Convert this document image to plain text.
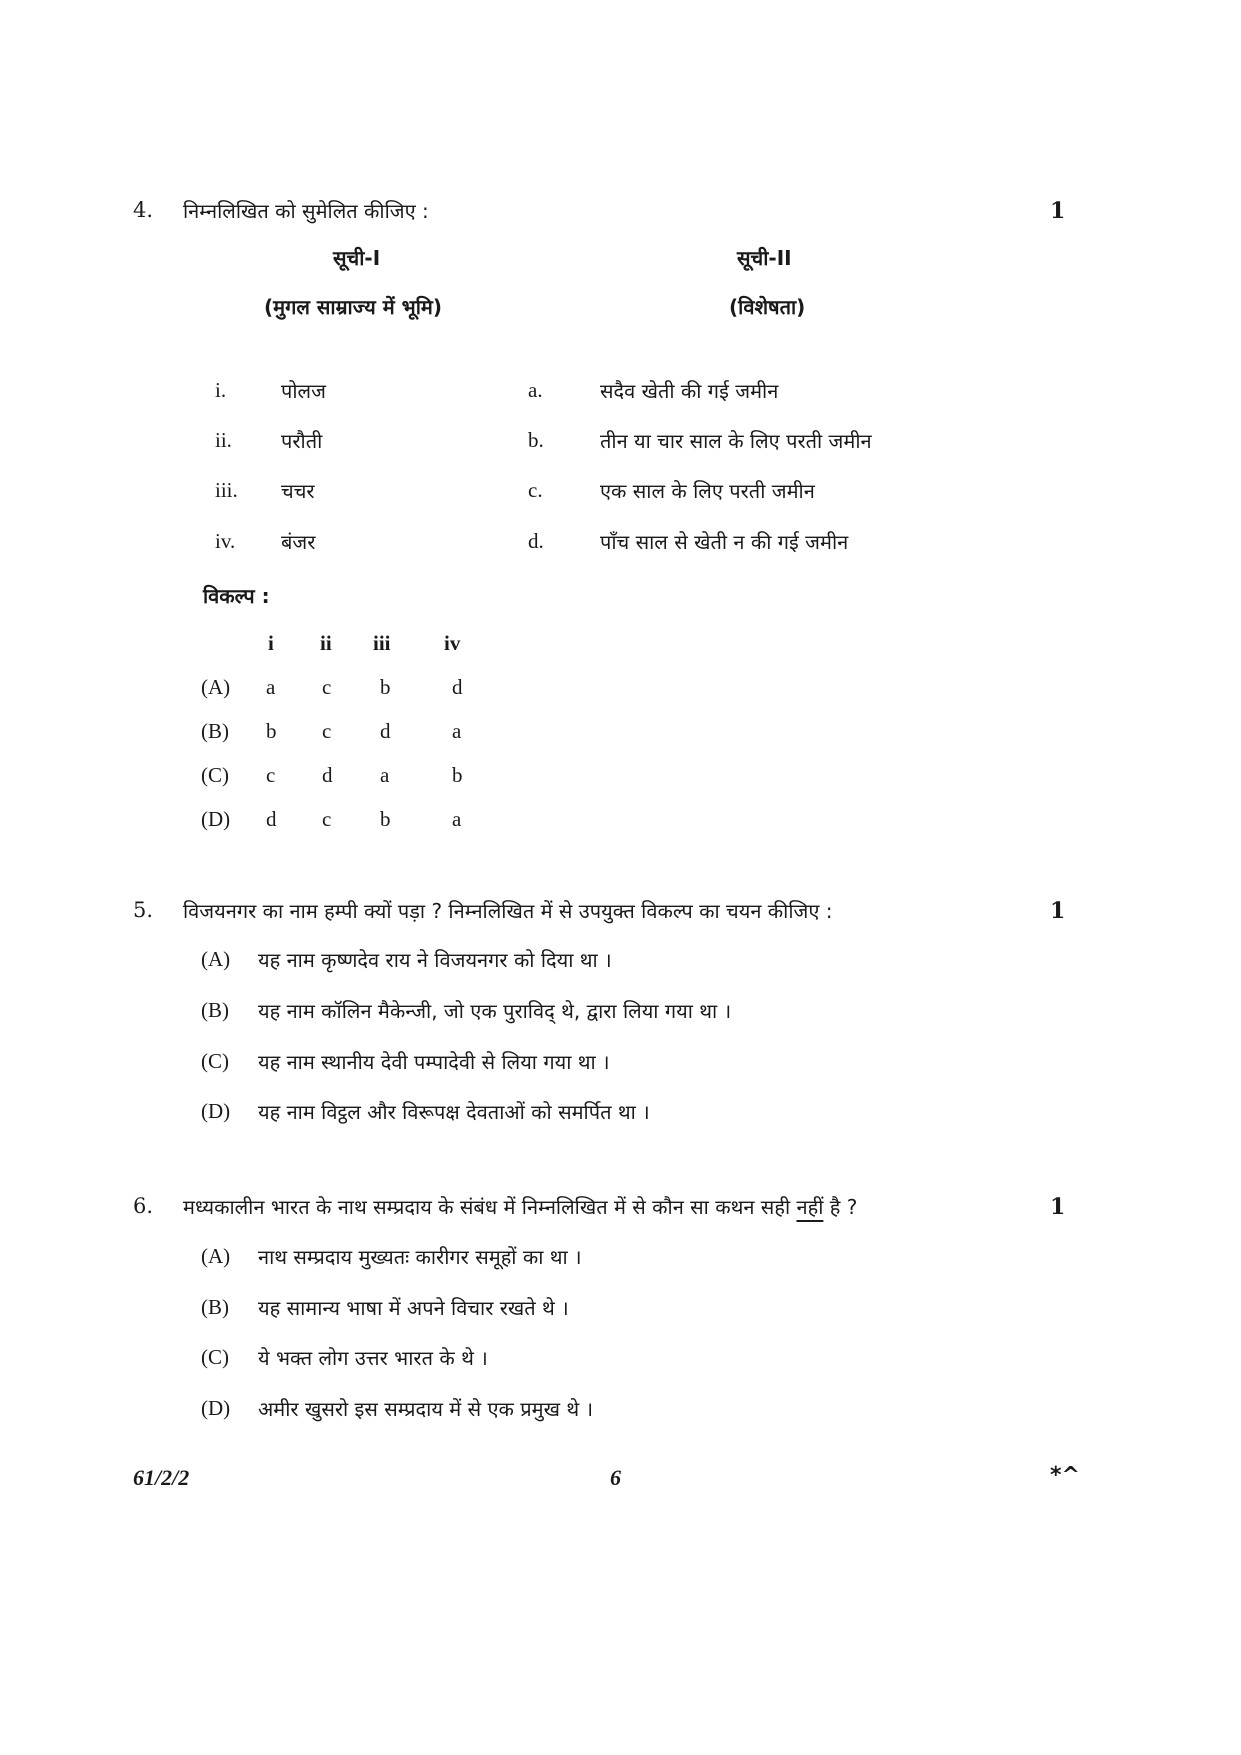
4. निम्नलिखित को सुमेलित कीजिए :	1
सूची-I
(मुगल साम्राज्य में भूमि)
सूची-II
(विशेषता)
i.	पोलज	a.	सदैव खेती की गई जमीन
ii. परौती	b.	तीन या चार साल के लिए परती जमीन
iii. चचर	c.	एक साल के लिए परती जमीन
iv. बंजर	d.	पाँच साल से खेती न की गई जमीन
विकल्प :
i ii iii	iv
(A) a c b	d
(B) b c d	a
(C) c d a	b
(D) d c b	a
5. विजयनगर का नाम हम्पी क्यों पड़ा ? निम्नलिखित में से उपयुक्त विकल्प का चयन कीजिए :	1
(A) यह नाम कृष्णदेव राय ने विजयनगर को दिया था ।
(B) यह नाम कॉलिन मैकेन्जी, जो एक पुराविद् थे, द्वारा लिया गया था ।
(C) यह नाम स्थानीय देवी पम्पादेवी से लिया गया था ।
(D) यह नाम विट्ठल और विरूपक्ष देवताओं को समर्पित था ।
6. मध्यकालीन भारत के नाथ सम्प्रदाय के संबंध में निम्नलिखित में से कौन सा कथन सही नहीं है ?	1
(A) नाथ सम्प्रदाय मुख्यतः कारीगर समूहों का था ।
(B) यह सामान्य भाषा में अपने विचार रखते थे ।
(C) ये भक्त लोग उत्तर भारत के थे ।
(D) अमीर खुसरो इस सम्प्रदाय में से एक प्रमुख थे ।
61/2/2	6	*^
